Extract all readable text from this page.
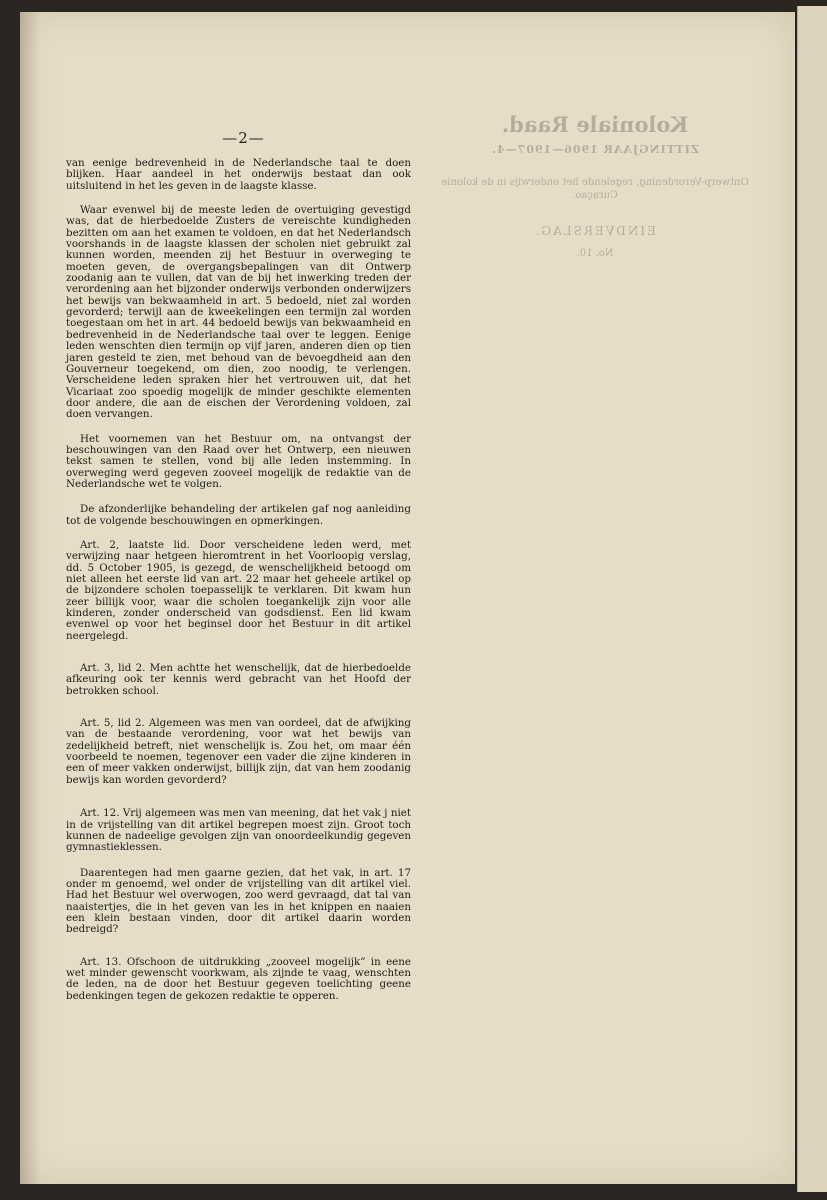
Koloniale Raad.
ZITTINGJAAR 1906—1907—4.
Ontwerp-Verordening, regelende het onderwijs in de kolonie Curaçao.
EINDVERSLAG.
No. 10.
—2—

van eenige bedrevenheid in de Nederlandsche taal te doen blijken. Haar aandeel in het onderwijs bestaat dan ook uitsluitend in het les geven in de laagste klasse.

Waar evenwel bij de meeste leden de overtuiging gevestigd was, dat de hierbedoelde Zusters de vereischte kundigheden bezitten om aan het examen te voldoen, en dat het Nederlandsch voorshands in de laagste klassen der scholen niet gebruikt zal kunnen worden, meenden zij het Bestuur in overweging te moeten geven, de overgangsbepalingen van dit Ontwerp zoodanig aan te vullen, dat van de bij het inwerking treden der verordening aan het bijzonder onderwijs verbonden onderwijzers het bewijs van bekwaamheid in art. 5 bedoeld, niet zal worden gevorderd; terwijl aan de kweekelingen een termijn zal worden toegestaan om het in art. 44 bedoeld bewijs van bekwaamheid en bedrevenheid in de Nederlandsche taal over te leggen. Eenige leden wenschten dien termijn op vijf jaren, anderen dien op tien jaren gesteld te zien, met behoud van de bevoegdheid aan den Gouverneur toegekend, om dien, zoo noodig, te verlengen. Verscheidene leden spraken hier het vertrouwen uit, dat het Vicariaat zoo spoedig mogelijk de minder geschikte elementen door andere, die aan de eischen der Verordening voldoen, zal doen vervangen.

Het voornemen van het Bestuur om, na ontvangst der beschouwingen van den Raad over het Ontwerp, een nieuwen tekst samen te stellen, vond bij alle leden instemming. In overweging werd gegeven zooveel mogelijk de redaktie van de Nederlandsche wet te volgen.

De afzonderlijke behandeling der artikelen gaf nog aanleiding tot de volgende beschouwingen en opmerkingen.

Art. 2, laatste lid. Door verscheidene leden werd, met verwijzing naar hetgeen hieromtrent in het Voorloopig verslag, dd. 5 October 1905, is gezegd, de wenschelijkheid betoogd om niet alleen het eerste lid van art. 22 maar het geheele artikel op de bijzondere scholen toepasselijk te verklaren. Dit kwam hun zeer billijk voor, waar die scholen toegankelijk zijn voor alle kinderen, zonder onderscheid van godsdienst. Een lid kwam evenwel op voor het beginsel door het Bestuur in dit artikel neergelegd.

Art. 3, lid 2. Men achtte het wenschelijk, dat de hierbedoelde afkeuring ook ter kennis werd gebracht van het Hoofd der betrokken school.

Art. 5, lid 2. Algemeen was men van oordeel, dat de afwijking van de bestaande verordening, voor wat het bewijs van zedelijkheid betreft, niet wenschelijk is. Zou het, om maar één voorbeeld te noemen, tegenover een vader die zijne kinderen in een of meer vakken onderwijst, billijk zijn, dat van hem zoodanig bewijs kan worden gevorderd?

Art. 12. Vrij algemeen was men van meening, dat het vak j niet in de vrijstelling van dit artikel begrepen moest zijn. Groot toch kunnen de nadeelige gevolgen zijn van onoordeelkundig gegeven gymnastieklessen.

Daarentegen had men gaarne gezien, dat het vak, in art. 17 onder m genoemd, wel onder de vrijstelling van dit artikel viel. Had het Bestuur wel overwogen, zoo werd gevraagd, dat tal van naaistertjes, die in het geven van les in het knippen en naaien een klein bestaan vinden, door dit artikel daarin worden bedreigd?

Art. 13. Ofschoon de uitdrukking „zooveel mogelijk” in eene wet minder gewenscht voorkwam, als zijnde te vaag, wenschten de leden, na de door het Bestuur gegeven toelichting geene bedenkingen tegen de gekozen redaktie te opperen.
